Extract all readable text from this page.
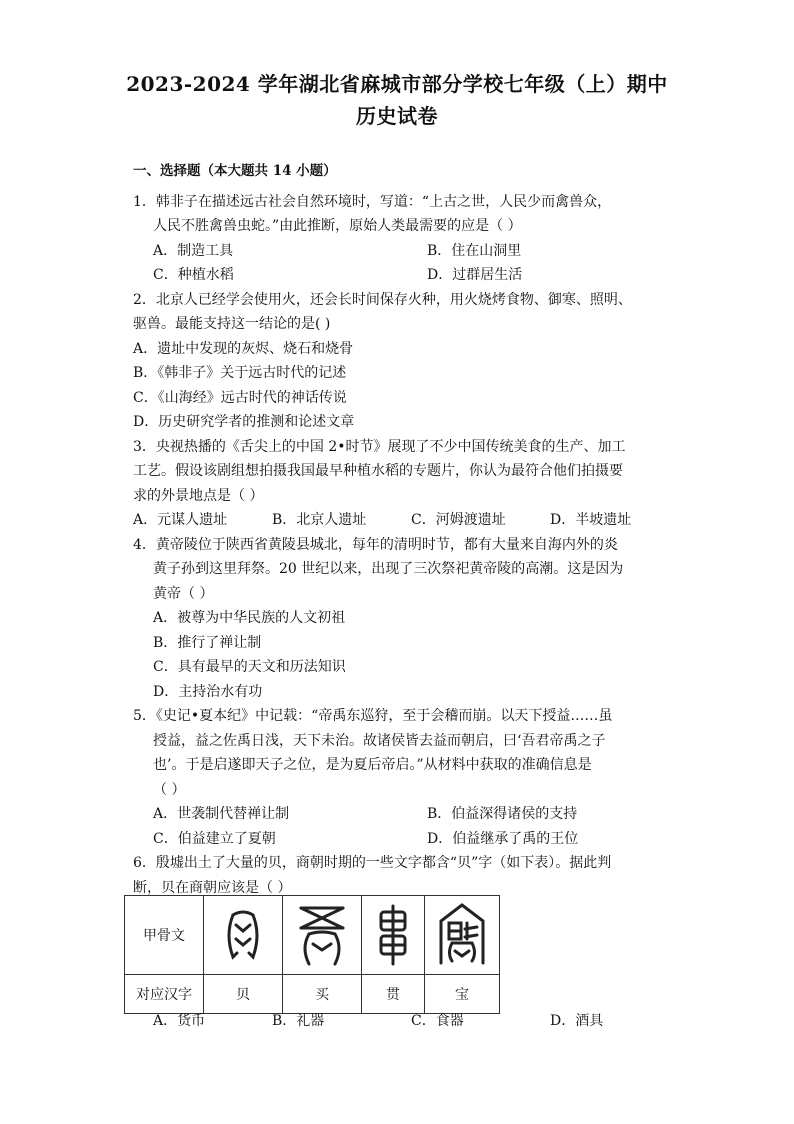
2023-2024 学年湖北省麻城市部分学校七年级（上）期中
历史试卷
一、选择题（本大题共 14 小题）
1．韩非子在描述远古社会自然环境时，写道：“上古之世，人民少而禽兽众，
人民不胜禽兽虫蛇。”由此推断，原始人类最需要的应是（ ）
A．制造工具	B．住在山洞里
C．种植水稻	D．过群居生活
2．北京人已经学会使用火，还会长时间保存火种，用火烧烤食物、御寒、照明、
驱兽。最能支持这一结论的是( )
A．遗址中发现的灰烬、烧石和烧骨
B．《韩非子》关于远古时代的记述
C．《山海经》远古时代的神话传说
D．历史研究学者的推测和论述文章
3．央视热播的《舌尖上的中国 2•时节》展现了不少中国传统美食的生产、加工
工艺。假设该剧组想拍摄我国最早种植水稻的专题片，你认为最符合他们拍摄要
求的外景地点是（ ）
A．元谋人遗址	B．北京人遗址	C．河姆渡遗址	D．半坡遗址
4．黄帝陵位于陕西省黄陵县城北，每年的清明时节，都有大量来自海内外的炎
黄子孙到这里拜祭。20 世纪以来，出现了三次祭祀黄帝陵的高潮。这是因为
黄帝（ ）
A．被尊为中华民族的人文初祖
B．推行了禅让制
C．具有最早的天文和历法知识
D．主持治水有功
5．《史记•夏本纪》中记载：“帝禹东巡狩，至于会稽而崩。以天下授益……虽
授益，益之佐禹日浅，天下未治。故诸侯皆去益而朝启，曰‘吾君帝禹之子
也’。于是启遂即天子之位，是为夏后帝启。”从材料中获取的准确信息是
（ ）
A．世袭制代替禅让制	B．伯益深得诸侯的支持
C．伯益建立了夏朝	D．伯益继承了禹的王位
6．殷墟出土了大量的贝，商朝时期的一些文字都含“贝”字（如下表）。据此判
断，贝在商朝应该是（ ）
甲骨文	

对应汉字	贝	买	贯	宝
A．货币	B．礼器	C．食器	D．酒具
